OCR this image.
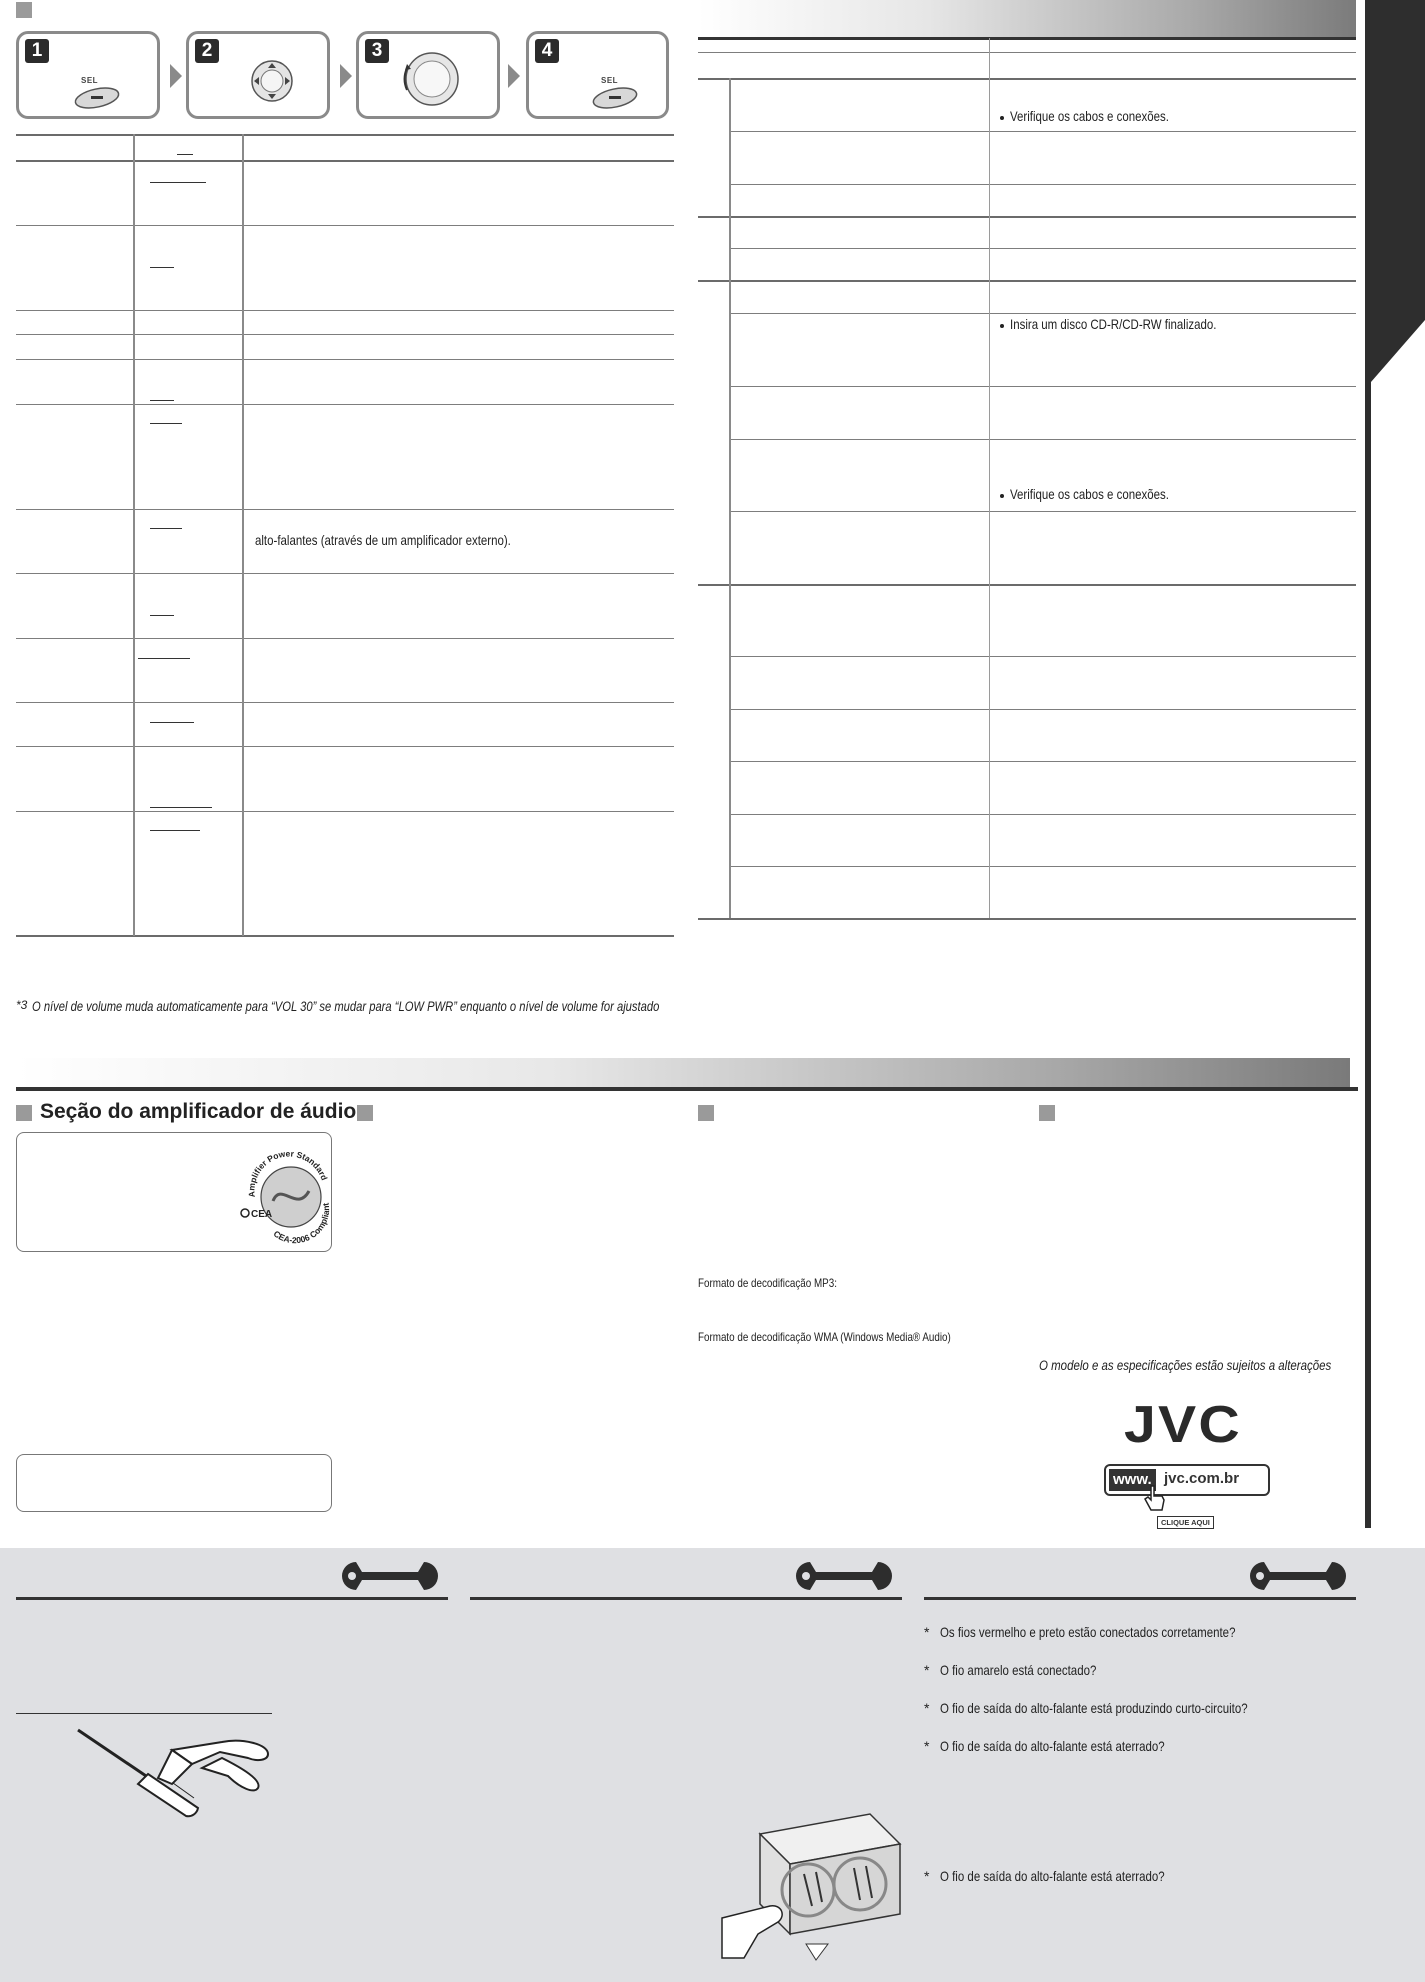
1
SEL
2	3	4
SEL
alto-falantes (através de um amplificador externo).
$^{*3}$ O nível de volume muda automaticamente para “VOL 30” se mudar para “LOW PWR” enquanto o nível de volume for ajustado
Verifique os cabos e conexões.
Insira um disco CD-R/CD-RW finalizado.
Verifique os cabos e conexões.
Seção do amplificador de áudio
Amplifier Power Standard
CEA-2006 Compliant
CEA
Formato de decodificação MP3:
Formato de decodificação WMA (Windows Media® Audio)
O modelo e as especificações estão sujeitos a alterações
JVC
www. jvc.com.br
CLIQUE AQUI
* Os fios vermelho e preto estão conectados corretamente?
* O fio amarelo está conectado?
* O fio de saída do alto-falante está produzindo curto-circuito?
* O fio de saída do alto-falante está aterrado?
* O fio de saída do alto-falante está aterrado?
